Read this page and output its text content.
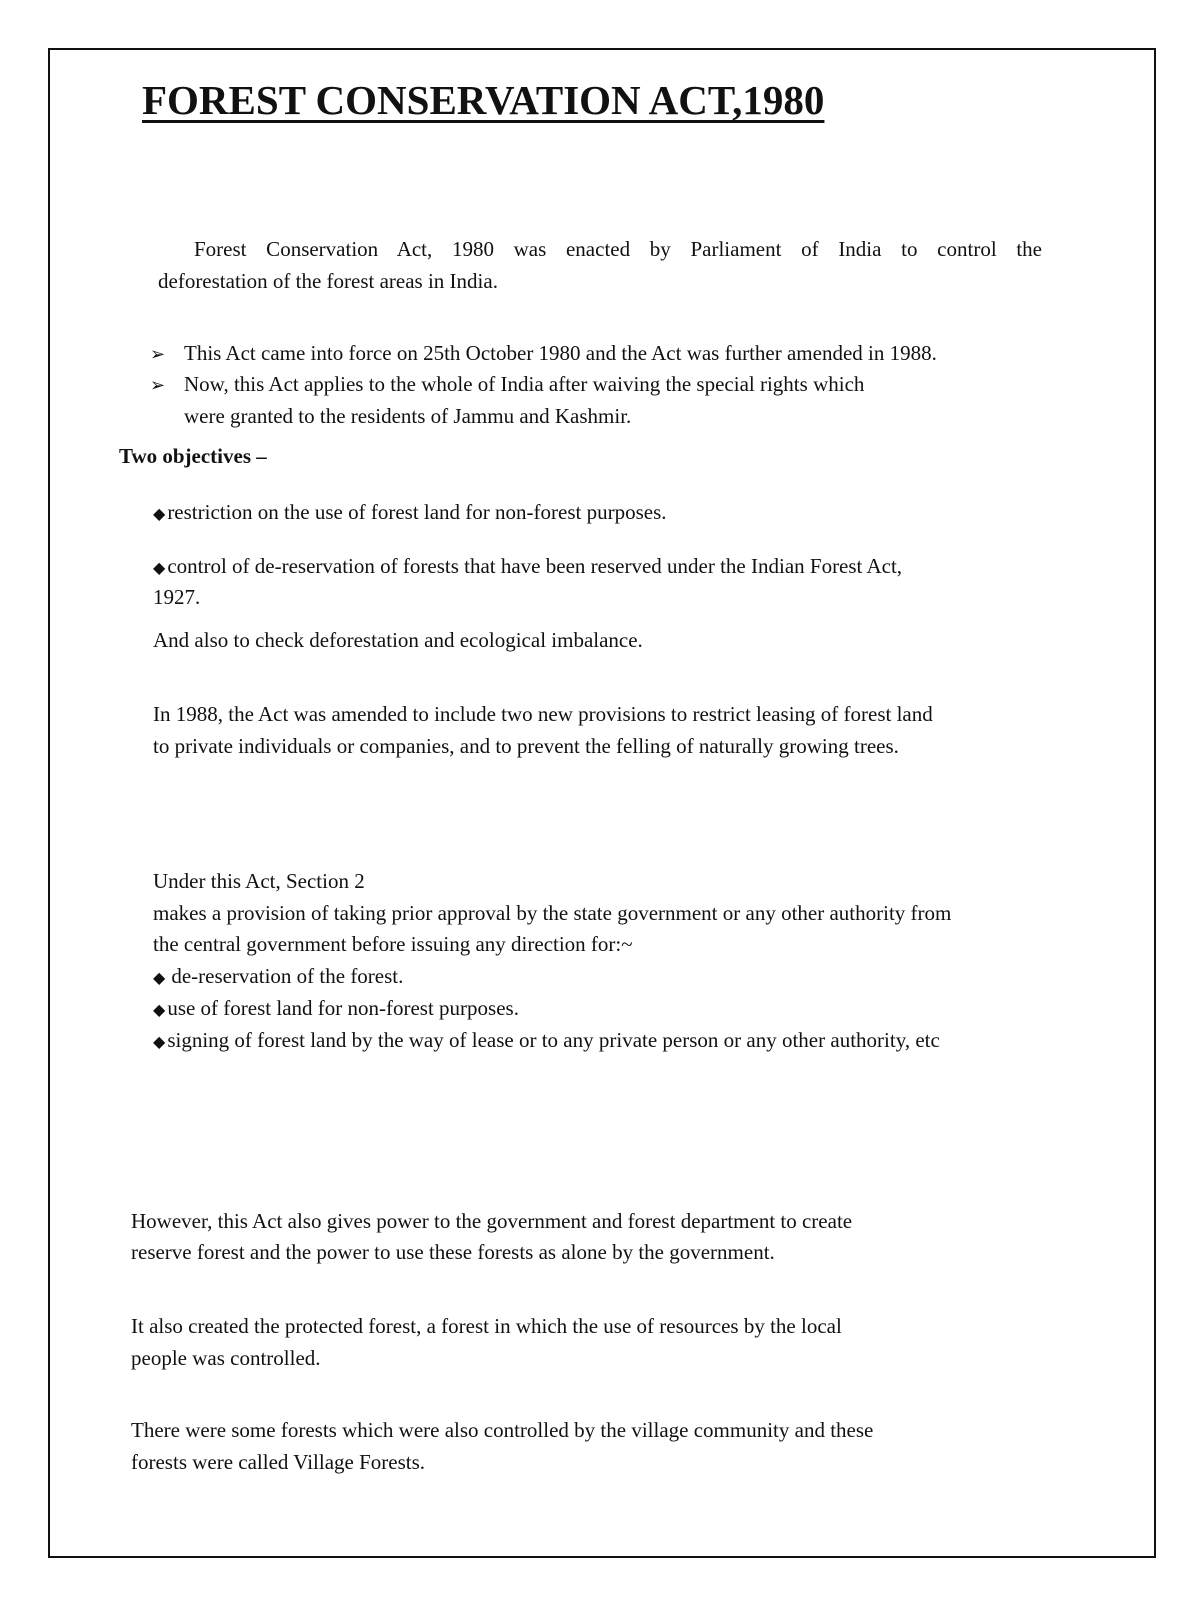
FOREST CONSERVATION ACT,1980

Forest Conservation Act, 1980 was enacted by Parliament of India to control the

deforestation of the forest areas in India.

➢ This Act came into force on 25th October 1980 and the Act was further amended in 1988.

➢ Now, this Act applies to the whole of India after waiving the special rights which

were granted to the residents of Jammu and Kashmir.

Two objectives –

◆restriction on the use of forest land for non-forest purposes.

◆control of de-reservation of forests that have been reserved under the Indian Forest Act,

1927.

And also to check deforestation and ecological imbalance.

In 1988, the Act was amended to include two new provisions to restrict leasing of forest land

to private individuals or companies, and to prevent the felling of naturally growing trees.

Under this Act, Section 2

makes a provision of taking prior approval by the state government or any other authority from

the central government before issuing any direction for:~

◆ de-reservation of the forest.

◆use of forest land for non-forest purposes.

◆signing of forest land by the way of lease or to any private person or any other authority, etc

However, this Act also gives power to the government and forest department to create

reserve forest and the power to use these forests as alone by the government.

It also created the protected forest, a forest in which the use of resources by the local

people was controlled.

There were some forests which were also controlled by the village community and these

forests were called Village Forests.
